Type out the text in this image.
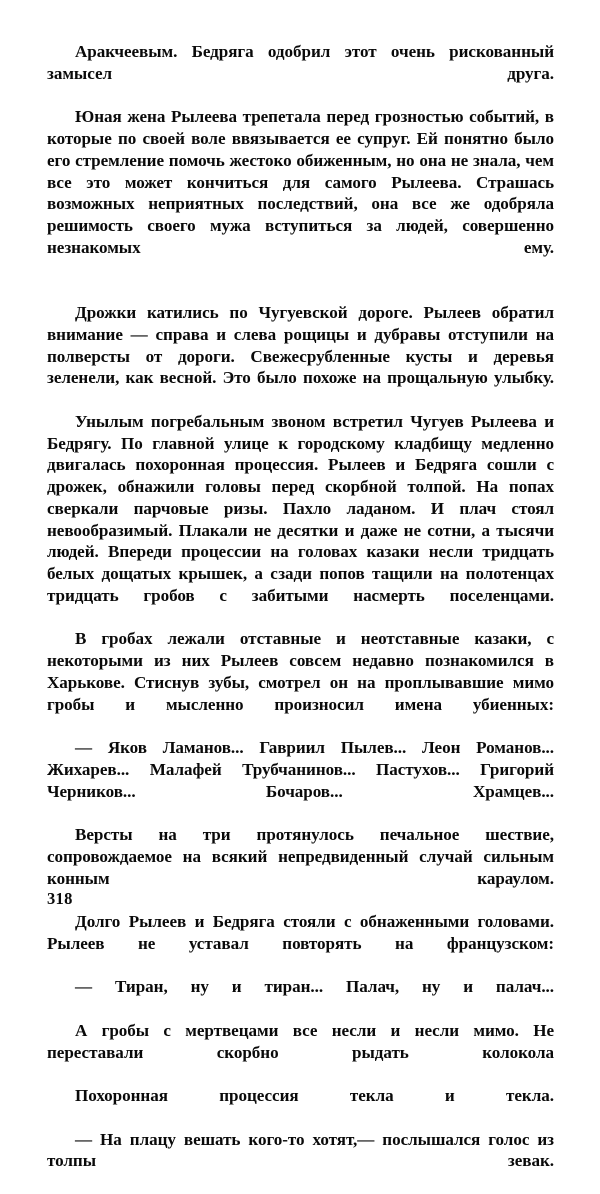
Аракчеевым. Бедряга одобрил этот очень рискованный замысел друга.

Юная жена Рылеева трепетала перед грозностью событий, в которые по своей воле ввязывается ее супруг. Ей понятно было его стремление помочь жестоко обиженным, но она не знала, чем все это может кончиться для самого Рылеева. Страшась возможных неприятных последствий, она все же одобряла решимость своего мужа вступиться за людей, совершенно незнакомых ему.

Дрожки катились по Чугуевской дороге. Рылеев обратил внимание — справа и слева рощицы и дубравы отступили на полверсты от дороги. Свежесрубленные кусты и деревья зеленели, как весной. Это было похоже на прощальную улыбку.

Унылым погребальным звоном встретил Чугуев Рылеева и Бедрягу. По главной улице к городскому кладбищу медленно двигалась похоронная процессия. Рылеев и Бедряга сошли с дрожек, обнажили головы перед скорбной толпой. На попах сверкали парчовые ризы. Пахло ладаном. И плач стоял невообразимый. Плакали не десятки и даже не сотни, а тысячи людей. Впереди процессии на головах казаки несли тридцать белых дощатых крышек, а сзади попов тащили на полотенцах тридцать гробов с забитыми насмерть поселенцами.

В гробах лежали отставные и неотставные казаки, с некоторыми из них Рылеев совсем недавно познакомился в Харькове. Стиснув зубы, смотрел он на проплывавшие мимо гробы и мысленно произносил имена убиенных:

— Яков Ламанов... Гавриил Пылев... Леон Романов... Жихарев... Малафей Трубчанинов... Пастухов... Григорий Черников... Бочаров... Храмцев...

Версты на три протянулось печальное шествие, сопровождаемое на всякий непредвиденный случай сильным конным караулом.

Долго Рылеев и Бедряга стояли с обнаженными головами. Рылеев не уставал повторять на французском:

— Тиран, ну и тиран... Палач, ну и палач...

А гробы с мертвецами все несли и несли мимо. Не переставали скорбно рыдать колокола

Похоронная процессия текла и текла.

— На плацу вешать кого-то хотят,— послышался голос из толпы зевак.

318
